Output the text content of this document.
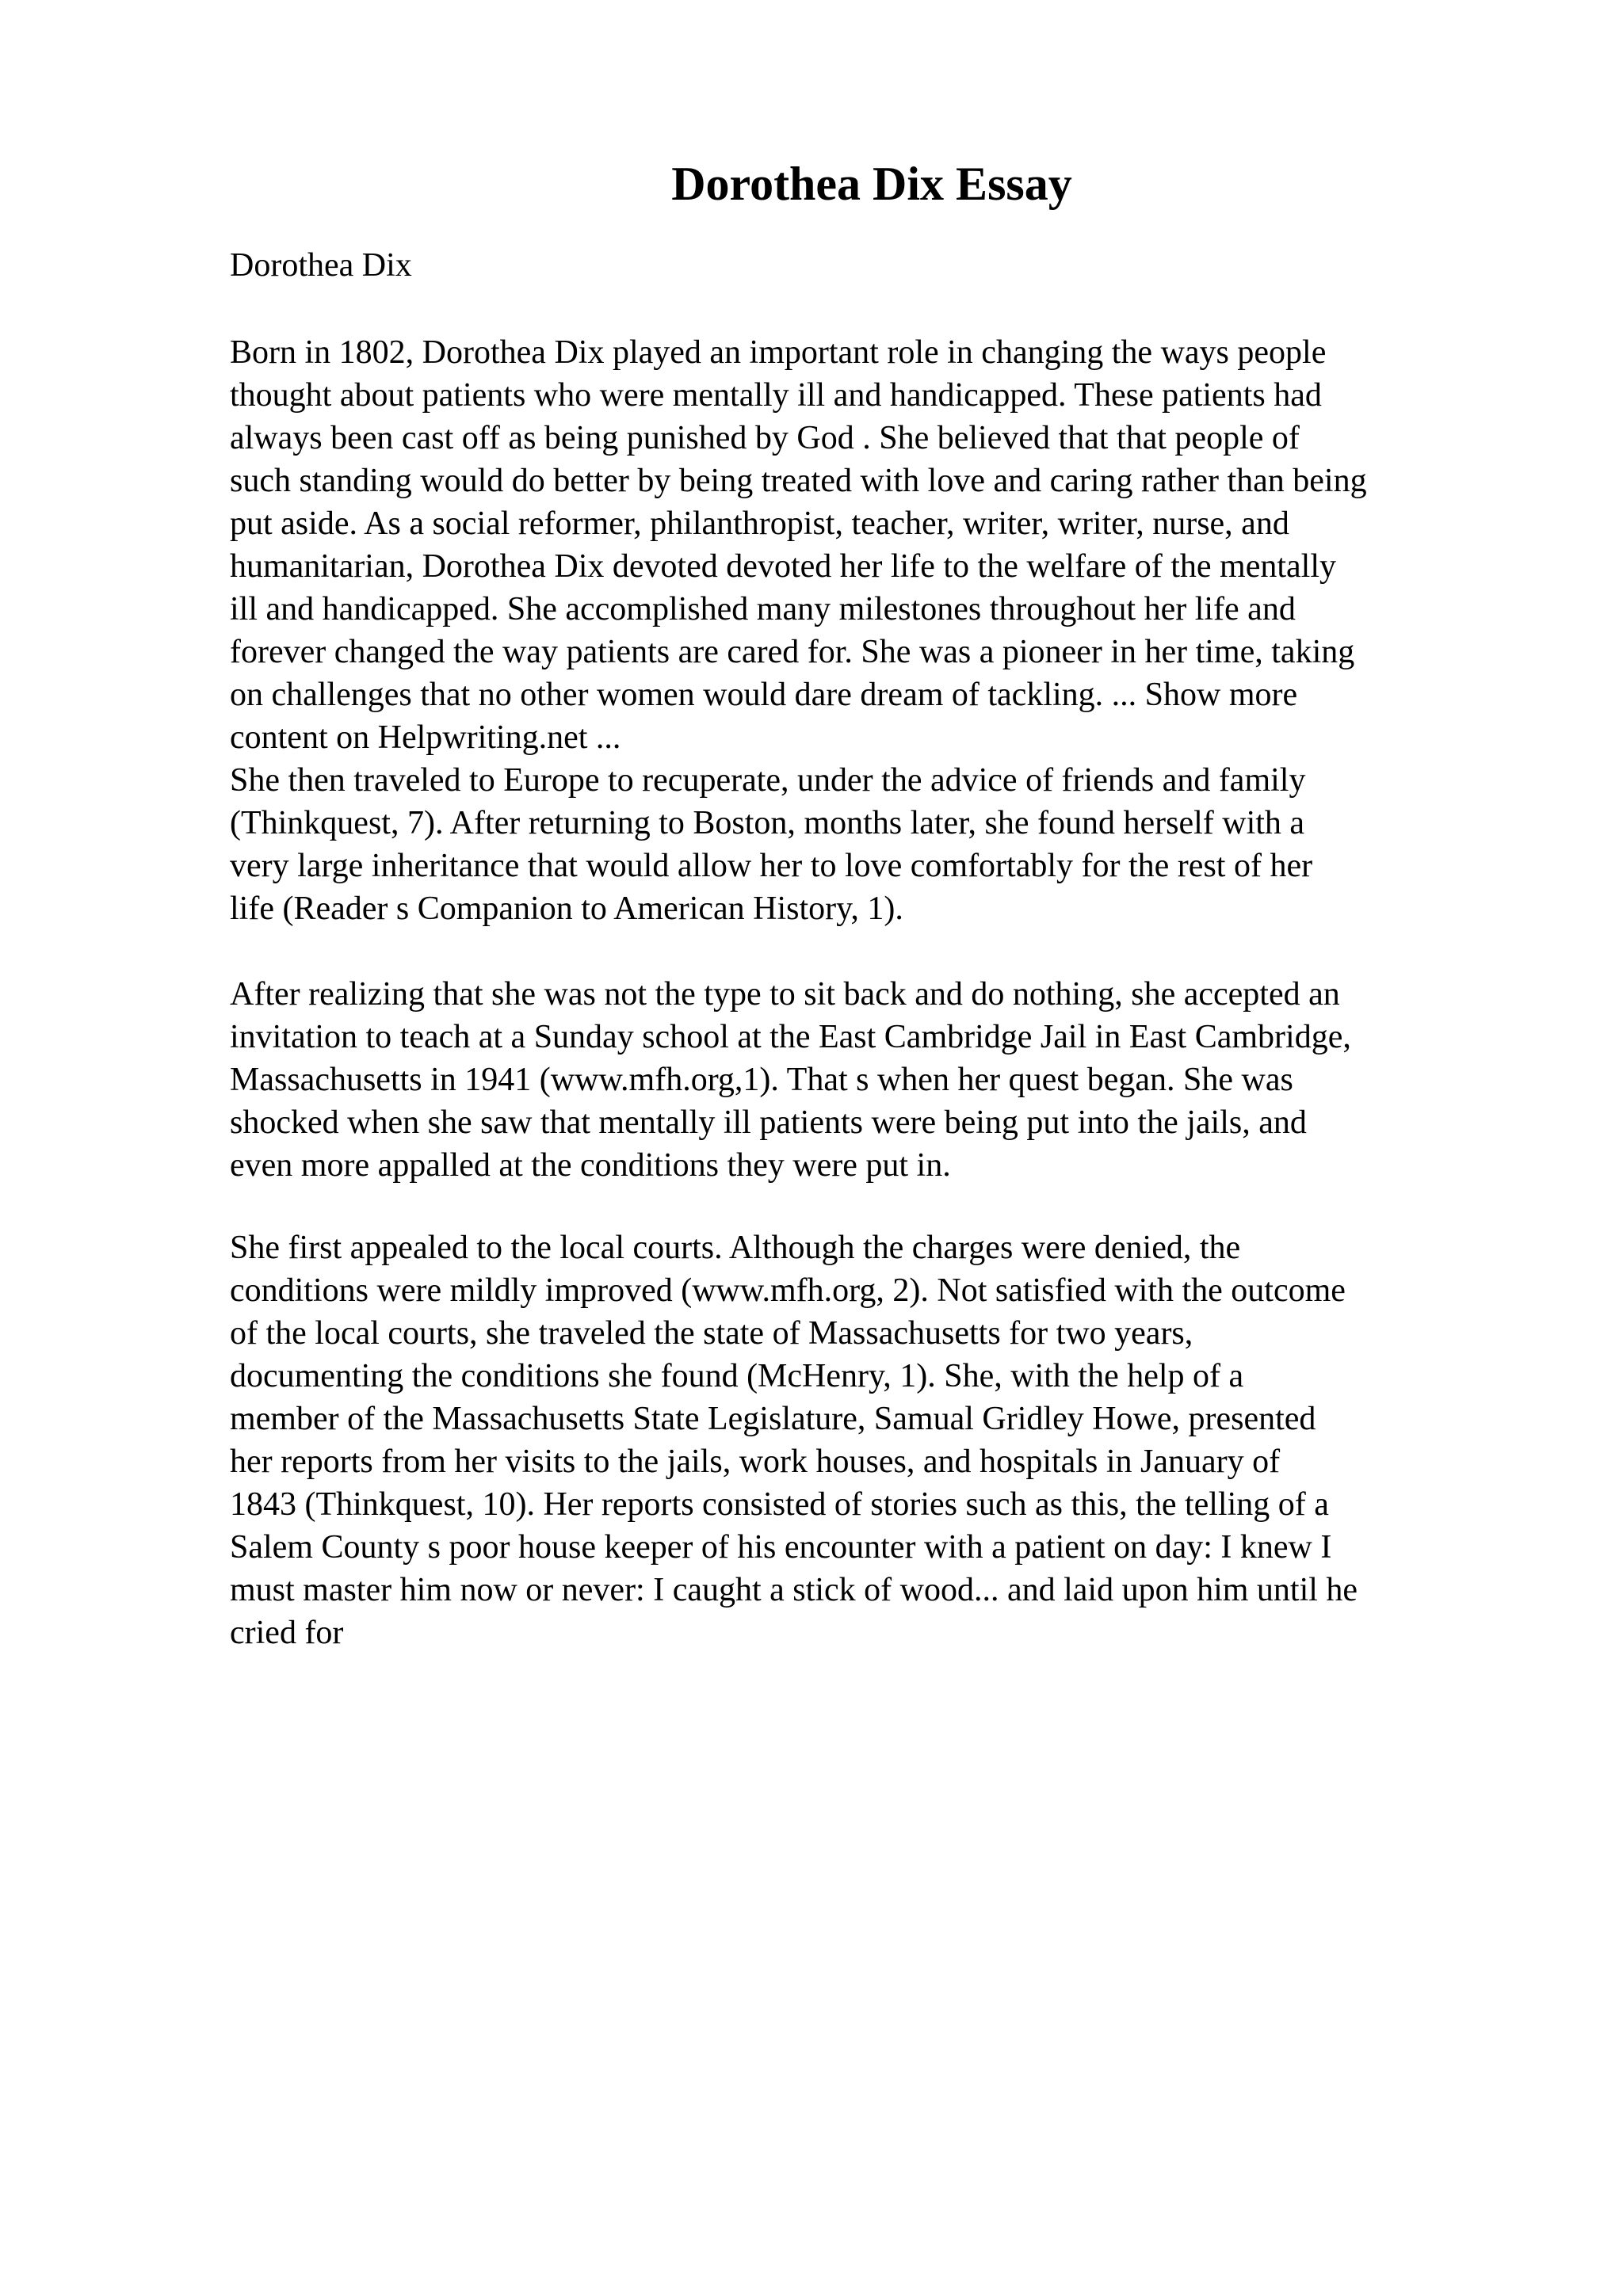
Dorothea Dix Essay

Dorothea Dix

Born in 1802, Dorothea Dix played an important role in changing the ways people
thought about patients who were mentally ill and handicapped. These patients had
always been cast off as being punished by God . She believed that that people of
such standing would do better by being treated with love and caring rather than being
put aside. As a social reformer, philanthropist, teacher, writer, writer, nurse, and
humanitarian, Dorothea Dix devoted devoted her life to the welfare of the mentally
ill and handicapped. She accomplished many milestones throughout her life and
forever changed the way patients are cared for. She was a pioneer in her time, taking
on challenges that no other women would dare dream of tackling. ... Show more
content on Helpwriting.net ...
She then traveled to Europe to recuperate, under the advice of friends and family
(Thinkquest, 7). After returning to Boston, months later, she found herself with a
very large inheritance that would allow her to love comfortably for the rest of her
life (Reader s Companion to American History, 1).
After realizing that she was not the type to sit back and do nothing, she accepted an
invitation to teach at a Sunday school at the East Cambridge Jail in East Cambridge,
Massachusetts in 1941 (www.mfh.org,1). That s when her quest began. She was
shocked when she saw that mentally ill patients were being put into the jails, and
even more appalled at the conditions they were put in.
She first appealed to the local courts. Although the charges were denied, the
conditions were mildly improved (www.mfh.org, 2). Not satisfied with the outcome
of the local courts, she traveled the state of Massachusetts for two years,
documenting the conditions she found (McHenry, 1). She, with the help of a
member of the Massachusetts State Legislature, Samual Gridley Howe, presented
her reports from her visits to the jails, work houses, and hospitals in January of
1843 (Thinkquest, 10). Her reports consisted of stories such as this, the telling of a
Salem County s poor house keeper of his encounter with a patient on day: I knew I
must master him now or never: I caught a stick of wood... and laid upon him until he
cried for
